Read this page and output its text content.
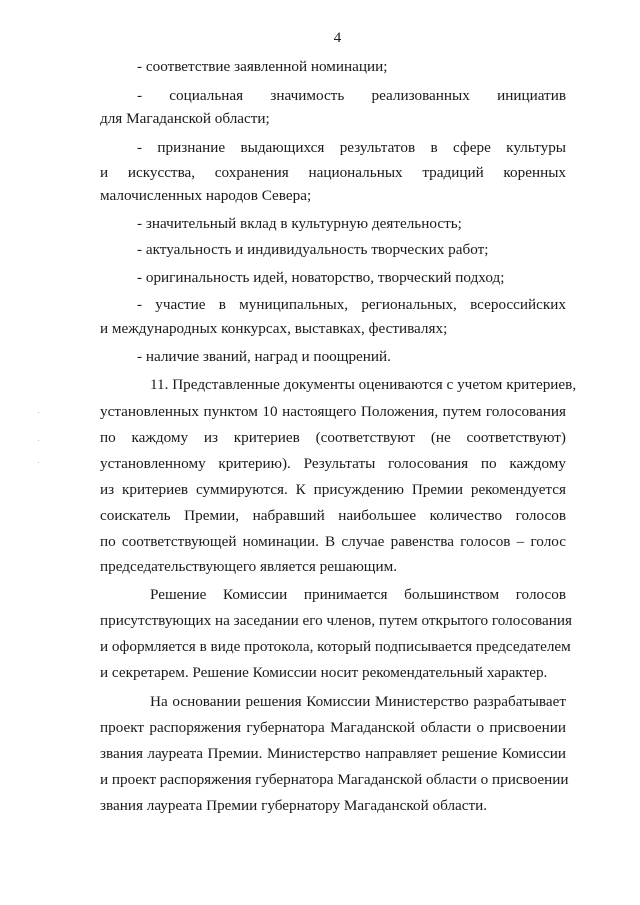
4
- соответствие заявленной номинации;
- социальная значимость реализованных инициатив
для Магаданской области;
- признание выдающихся результатов в сфере культуры
и искусства, сохранения национальных традиций коренных
малочисленных народов Севера;
- значительный вклад в культурную деятельность;
- актуальность и индивидуальность творческих работ;
- оригинальность идей, новаторство, творческий подход;
- участие в муниципальных, региональных, всероссийских
и международных конкурсах, выставках, фестивалях;
- наличие званий, наград и поощрений.
11. Представленные документы оцениваются с учетом критериев,
установленных пунктом 10 настоящего Положения, путем голосования
по каждому из критериев (соответствуют (не соответствуют)
установленному критерию). Результаты голосования по каждому
из критериев суммируются. К присуждению Премии рекомендуется
соискатель Премии, набравший наибольшее количество голосов
по соответствующей номинации. В случае равенства голосов – голос
председательствующего является решающим.
Решение Комиссии принимается большинством голосов
присутствующих на заседании его членов, путем открытого голосования
и оформляется в виде протокола, который подписывается председателем
и секретарем. Решение Комиссии носит рекомендательный характер.
На основании решения Комиссии Министерство разрабатывает
проект распоряжения губернатора Магаданской области о присвоении
звания лауреата Премии. Министерство направляет решение Комиссии
и проект распоряжения губернатора Магаданской области о присвоении
звания лауреата Премии губернатору Магаданской области.
